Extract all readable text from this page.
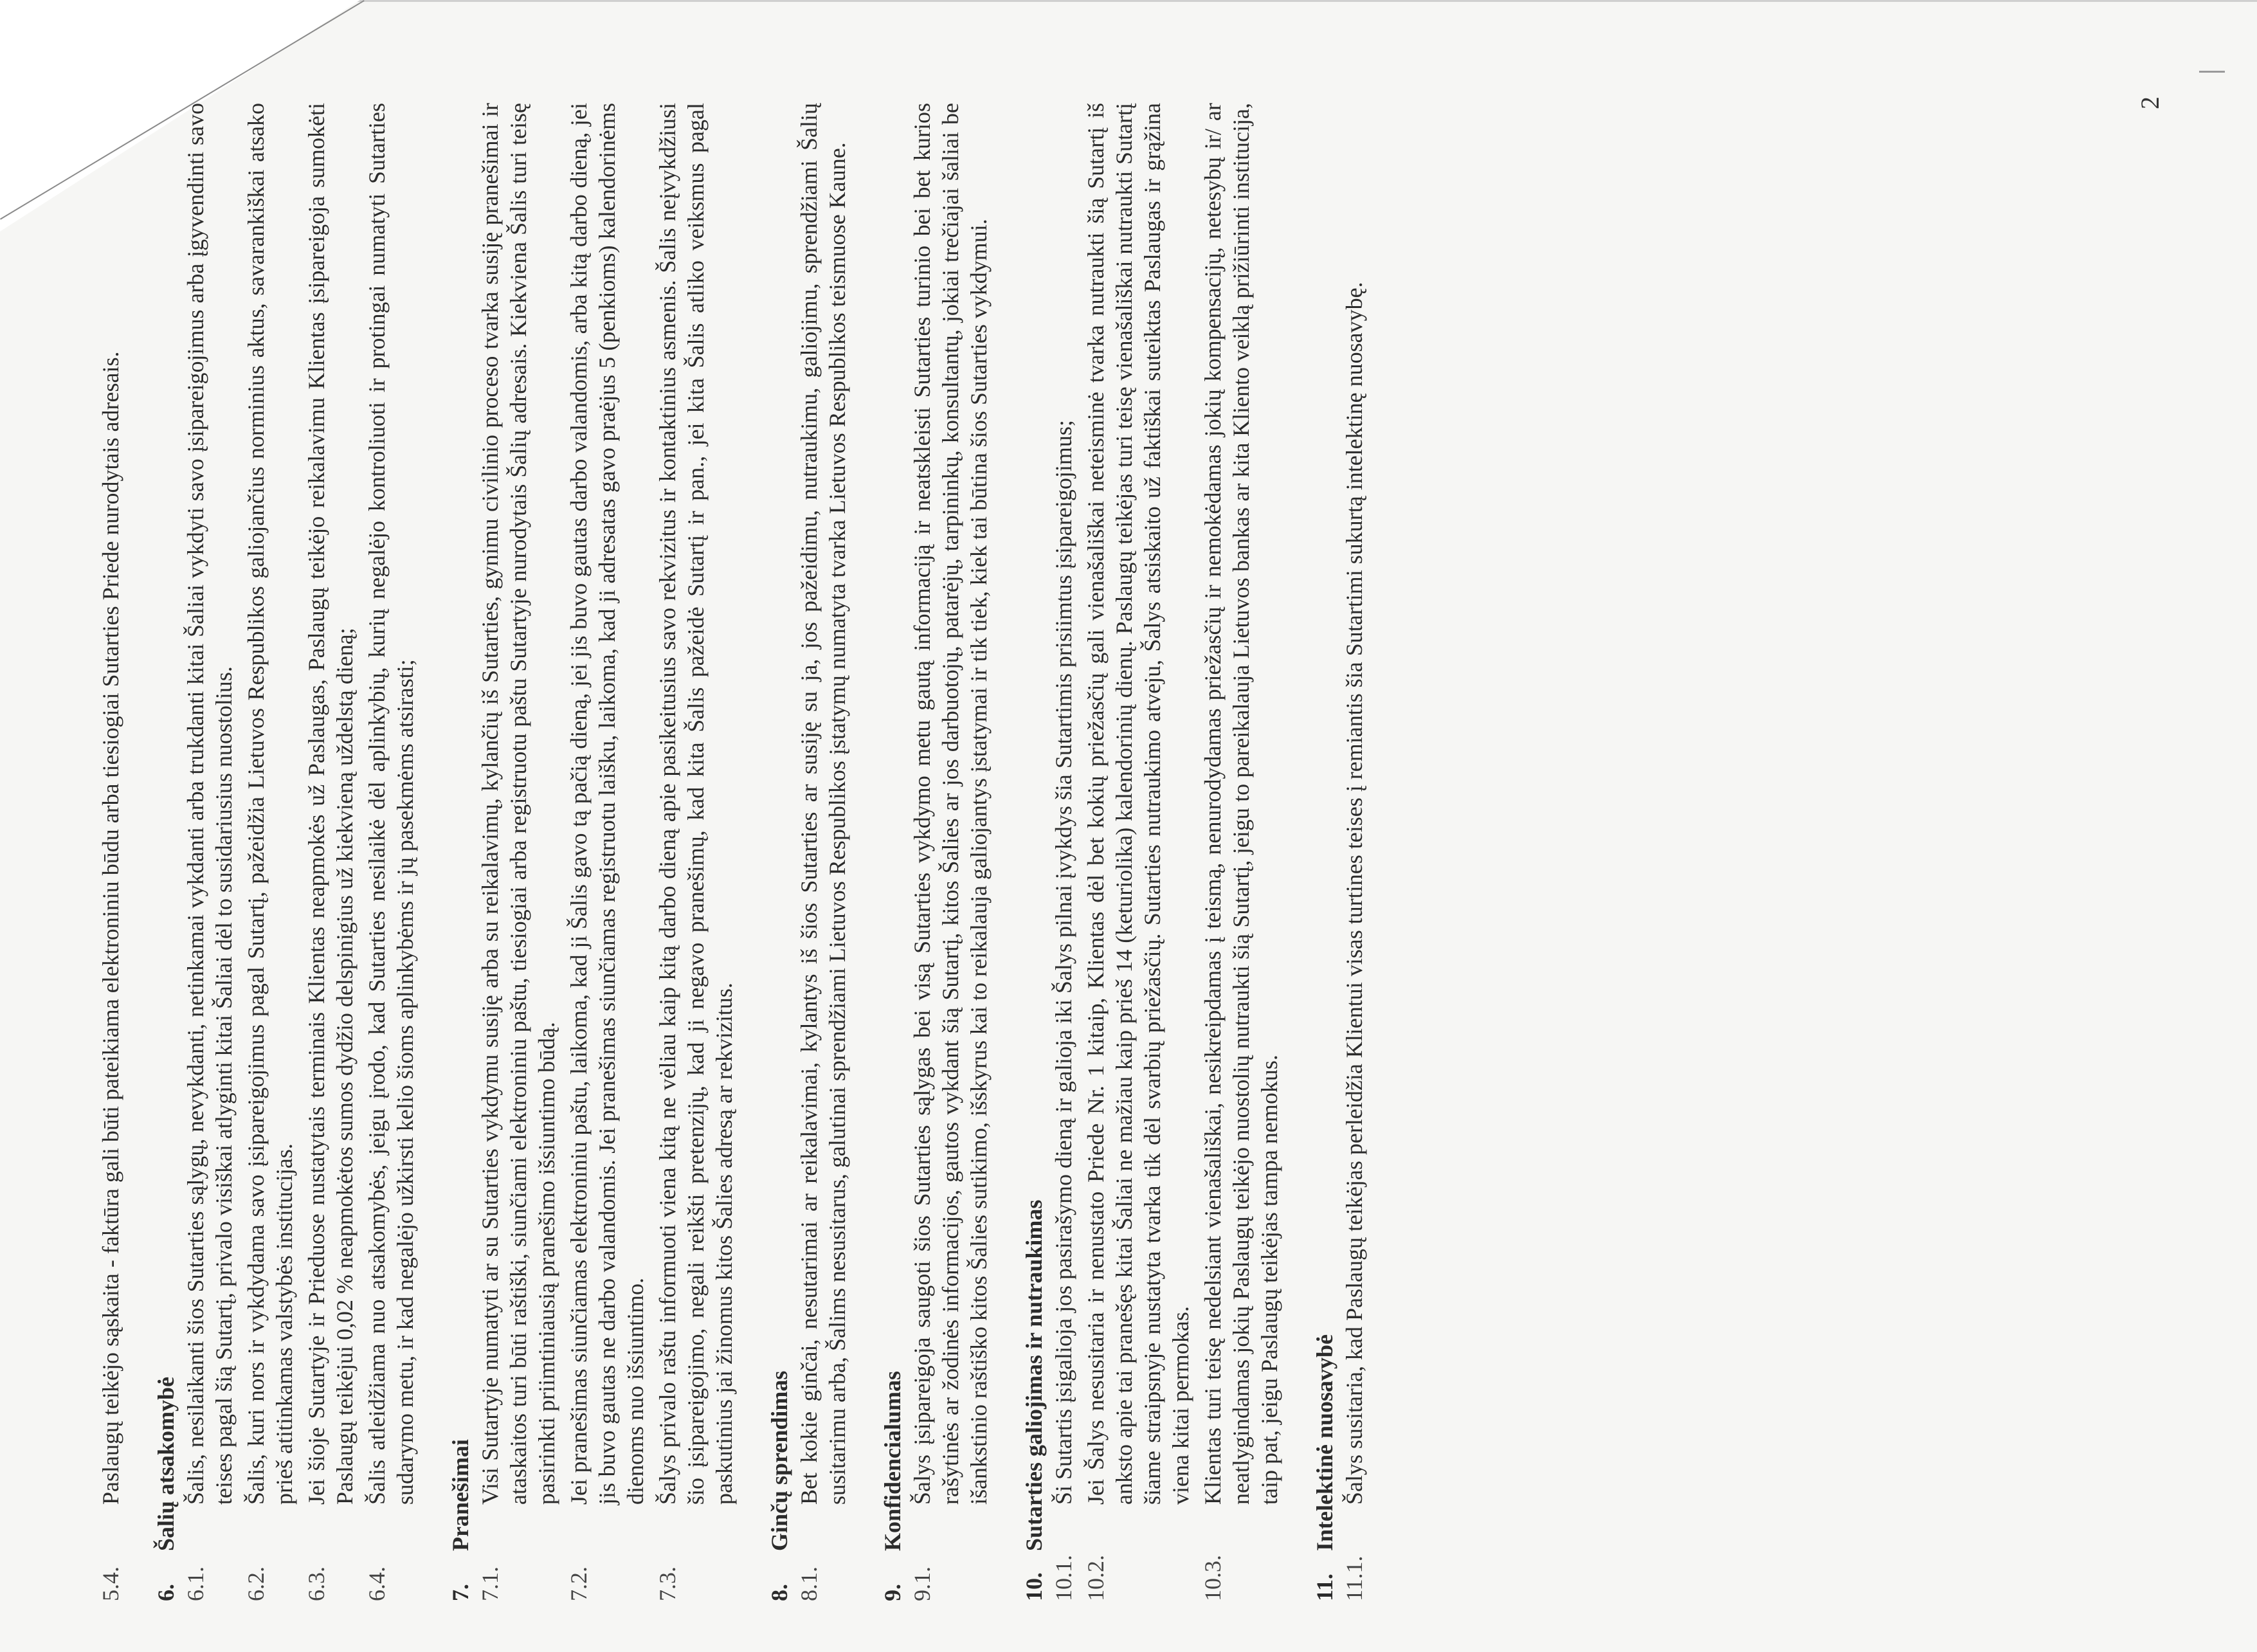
2
5.4.
Paslaugų teikėjo sąskaita - faktūra gali būti pateikiama elektroniniu būdu arba tiesiogiai Sutarties Priede nurodytais adresais.
6.Šalių atsakomybė
6.1.
Šalis, nesilaikanti šios Sutarties sąlygų, nevykdanti, netinkamai vykdanti arba trukdanti kitai Šaliai vykdyti savo įsipareigojimus arba įgyvendinti savo teises pagal šią Sutartį, privalo visiškai atlyginti kitai Šaliai dėl to susidariusius nuostolius.
6.2.
Šalis, kuri nors ir vykdydama savo įsipareigojimus pagal Sutartį, pažeidžia Lietuvos Respublikos galiojančius norminius aktus, savarankiškai atsako prieš atitinkamas valstybės institucijas.
6.3.
Jei šioje Sutartyje ir Prieduose nustatytais terminais Klientas neapmokės už Paslaugas, Paslaugų teikėjo reikalavimu Klientas įsipareigoja sumokėti Paslaugų teikėjui 0,02 % neapmokėtos sumos dydžio delspinigius už kiekvieną uždelstą dieną;
6.4.
Šalis atleidžiama nuo atsakomybės, jeigu įrodo, kad Sutarties nesilaikė dėl aplinkybių, kurių negalėjo kontroliuoti ir protingai numatyti Sutarties sudarymo metu, ir kad negalėjo užkirsti kelio šioms aplinkybėms ir jų pasekmėms atsirasti;
7.Pranešimai
7.1.
Visi Sutartyje numatyti ar su Sutarties vykdymu susiję arba su reikalavimų, kylančių iš Sutarties, gynimu civilinio proceso tvarka susiję pranešimai ir ataskaitos turi būti raštiški, siunčiami elektroniniu paštu, tiesiogiai arba registruotu paštu Sutartyje nurodytais Šalių adresais. Kiekviena Šalis turi teisę pasirinkti priimtiniausią pranešimo išsiuntimo būdą.
7.2.
Jei pranešimas siunčiamas elektroniniu paštu, laikoma, kad ji Šalis gavo tą pačią dieną, jei jis buvo gautas darbo valandomis, arba kitą darbo dieną, jei jis buvo gautas ne darbo valandomis. Jei pranešimas siunčiamas registruotu laišku, laikoma, kad ji adresatas gavo praėjus 5 (penkioms) kalendorinėms dienoms nuo išsiuntimo.
7.3.
Šalys privalo raštu informuoti viena kitą ne vėliau kaip kitą darbo dieną apie pasikeitusius savo rekvizitus ir kontaktinius asmenis. Šalis neįvykdžiusi šio įsipareigojimo, negali reikšti pretenzijų, kad ji negavo pranešimų, kad kita Šalis pažeidė Sutartį ir pan., jei kita Šalis atliko veiksmus pagal paskutinius jai žinomus kitos Šalies adresą ar rekvizitus.
8.Ginčų sprendimas
8.1.
Bet kokie ginčai, nesutarimai ar reikalavimai, kylantys iš šios Sutarties ar susiję su ja, jos pažeidimu, nutraukimu, galiojimu, sprendžiami Šalių susitarimu arba, Šalims nesusitarus, galutinai sprendžiami Lietuvos Respublikos įstatymų numatyta tvarka Lietuvos Respublikos teismuose Kaune.
9.Konfidencialumas
9.1.
Šalys įsipareigoja saugoti šios Sutarties sąlygas bei visą Sutarties vykdymo metu gautą informaciją ir neatskleisti Sutarties turinio bei bet kurios rašytinės ar žodinės informacijos, gautos vykdant šią Sutartį, kitos Šalies ar jos darbuotojų, patarėjų, tarpininkų, konsultantų, jokiai trečiajai šaliai be išankstinio raštiško kitos Šalies sutikimo, išskyrus kai to reikalauja galiojantys įstatymai ir tik tiek, kiek tai būtina šios Sutarties vykdymui.
10.Sutarties galiojimas ir nutraukimas
10.1.
Ši Sutartis įsigalioja jos pasirašymo dieną ir galioja iki Šalys pilnai įvykdys šia Sutartimis prisiimtus įsipareigojimus;
10.2.
Jei Šalys nesusitaria ir nenustato Priede Nr. 1 kitaip, Klientas dėl bet kokių priežasčių gali vienašališkai neteisminė tvarka nutraukti šią Sutartį iš anksto apie tai pranešęs kitai Šaliai ne mažiau kaip prieš 14 (keturiolika) kalendorinių dienų. Paslaugų teikėjas turi teisę vienašališkai nutraukti Sutartį šiame straipsnyje nustatyta tvarka tik dėl svarbių priežasčių. Sutarties nutraukimo atveju, Šalys atsiskaito už faktiškai suteiktas Paslaugas ir grąžina viena kitai permokas.
10.3.
Klientas turi teisę nedelsiant vienašališkai, nesikreipdamas į teismą, nenurodydamas priežasčių ir nemokėdamas jokių kompensacijų, netesybų ir/ ar neatlygindamas jokių Paslaugų teikėjo nuostolių nutraukti šią Sutartį, jeigu to pareikalauja Lietuvos bankas ar kita Kliento veiklą prižiūrinti institucija, taip pat, jeigu Paslaugų teikėjas tampa nemokus.
11.Intelektinė nuosavybė
11.1.
Šalys susitaria, kad Paslaugų teikėjas perleidžia Klientui visas turtines teises į remiantis šia Sutartimi sukurtą intelektinę nuosavybę.
